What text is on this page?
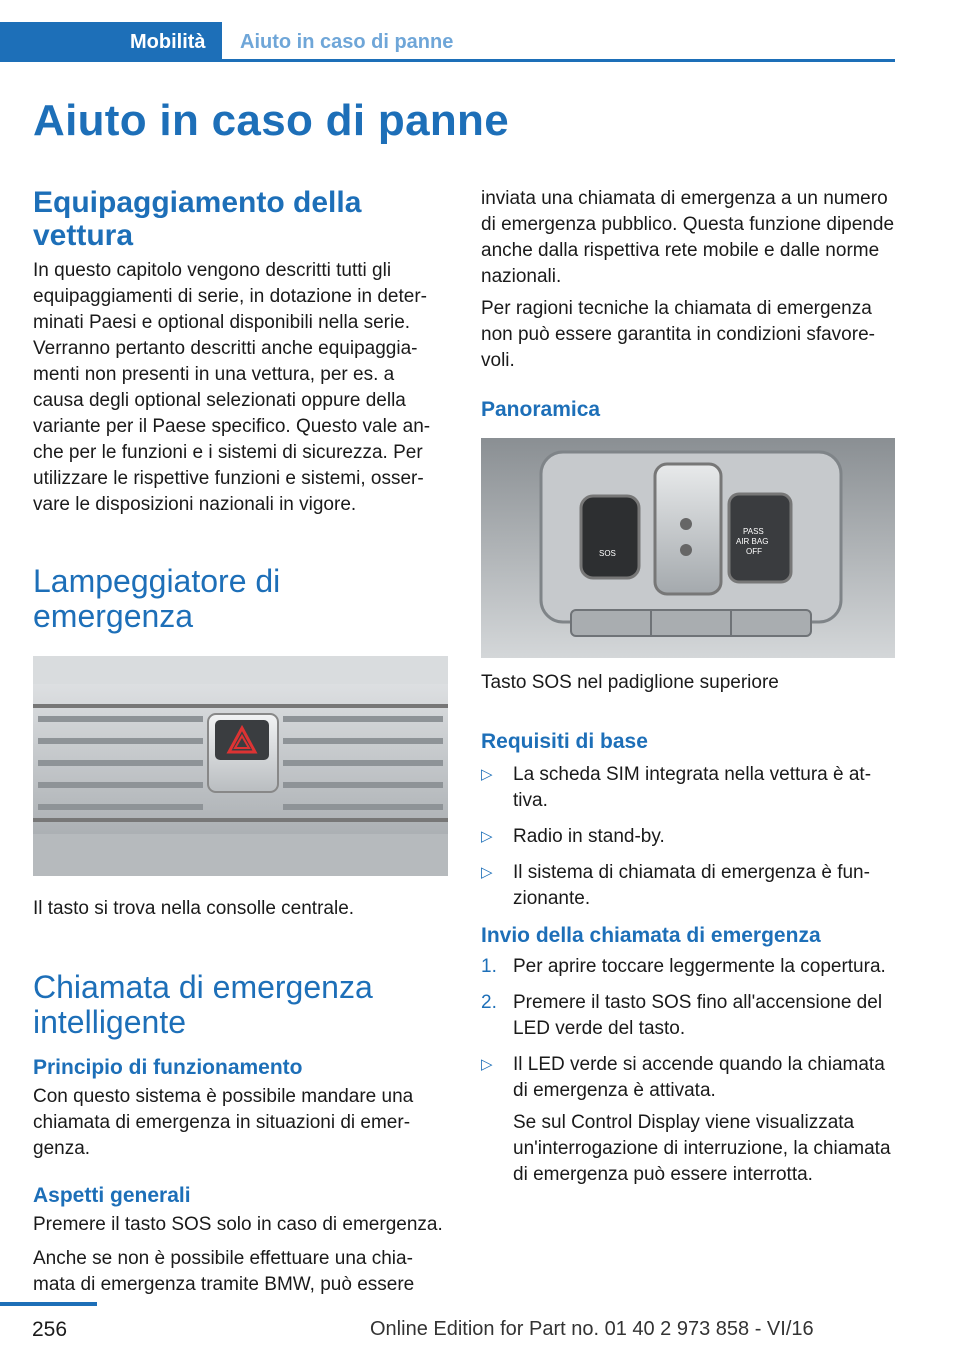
Mobilità	Aiuto in caso di panne
Aiuto in caso di panne
Equipaggiamento della vettura

In questo capitolo vengono descritti tutti gli equipaggiamenti di serie, in dotazione in determinati Paesi e optional disponibili nella serie. Verranno pertanto descritti anche equipaggiamenti non presenti in una vettura, per es. a causa degli optional selezionati oppure della variante per il Paese specifico. Questo vale anche per le funzioni e i sistemi di sicurezza. Per utilizzare le rispettive funzioni e sistemi, osservare le disposizioni nazionali in vigore.

Lampeggiatore di emergenza

Il tasto si trova nella consolle centrale.

Chiamata di emergenza intelligente
Principio di funzionamento

Con questo sistema è possibile mandare una chiamata di emergenza in situazioni di emergenza.

Aspetti generali

Premere il tasto SOS solo in caso di emergenza.

Anche se non è possibile effettuare una chiamata di emergenza tramite BMW, può essere

inviata una chiamata di emergenza a un numero di emergenza pubblico. Questa funzione dipende anche dalla rispettiva rete mobile e dalle norme nazionali.

Per ragioni tecniche la chiamata di emergenza non può essere garantita in condizioni sfavorevoli.

Panoramica
SOS
PASS
AIR BAG
OFF

Tasto SOS nel padiglione superiore

Requisiti di base
▷ La scheda SIM integrata nella vettura è attiva.
▷ Radio in stand-by.
▷ Il sistema di chiamata di emergenza è funzionante.
Invio della chiamata di emergenza
1. Per aprire toccare leggermente la copertura.
2. Premere il tasto SOS fino all'accensione del LED verde del tasto.
▷ Il LED verde si accende quando la chiamata di emergenza è attivata.

Se sul Control Display viene visualizzata un'interrogazione di interruzione, la chiamata di emergenza può essere interrotta.

256	Online Edition for Part no. 01 40 2 973 858 - VI/16
